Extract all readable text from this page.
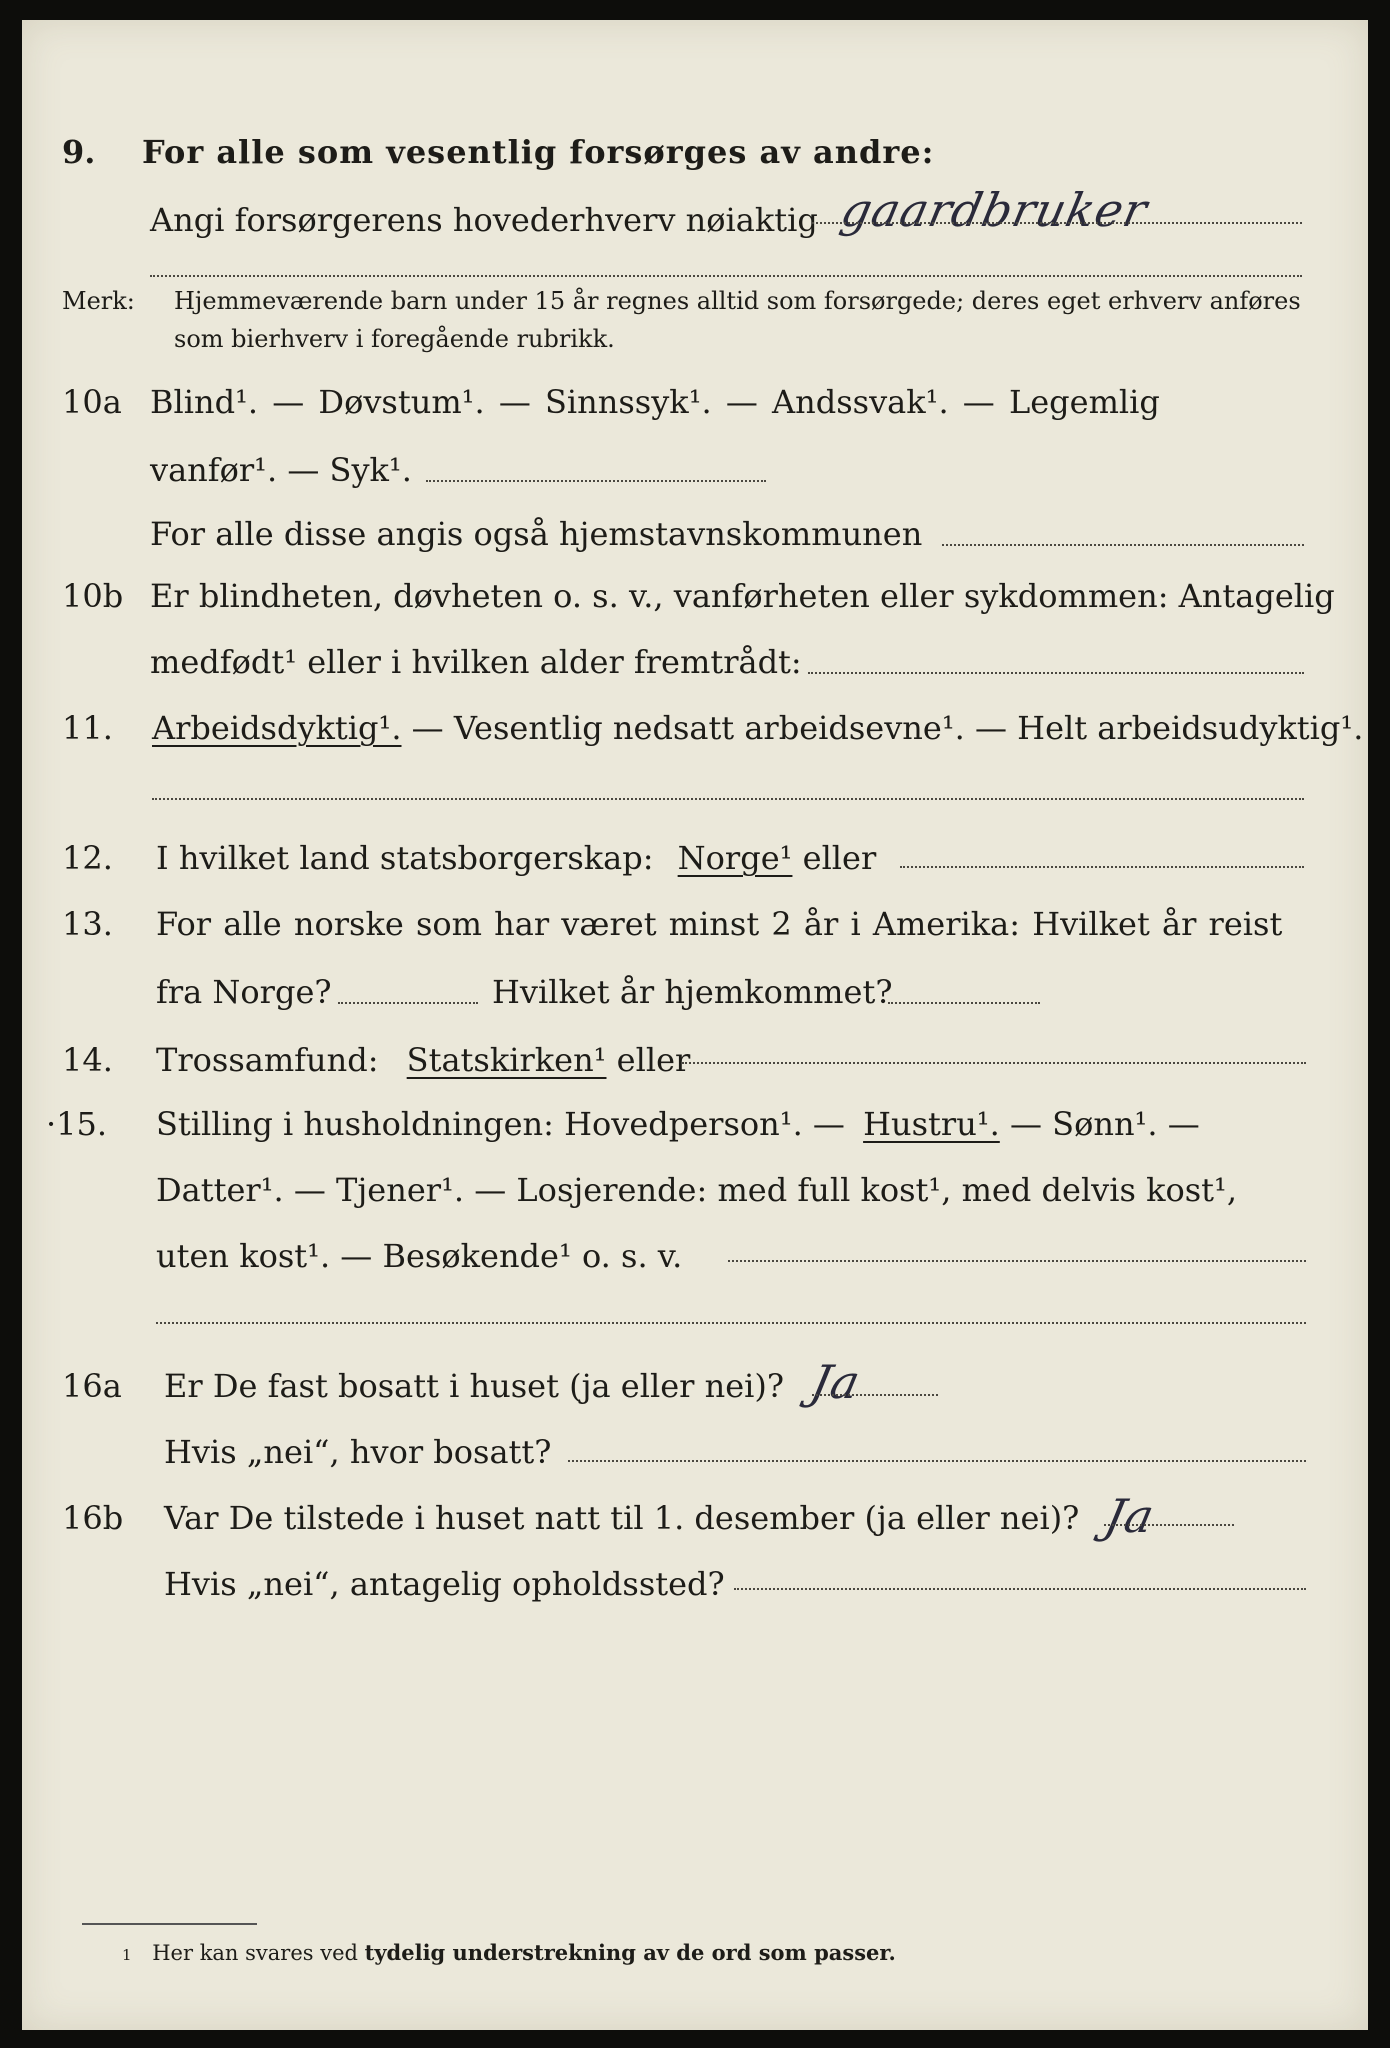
9. For alle som vesentlig forsørges av andre:
Angi forsørgerens hovederhverv nøiaktig gaardbruker
Merk: Hjemmeværende barn under 15 år regnes alltid som forsørgede; deres eget erhverv anføres som bierhverv i foregående rubrikk.
10a Blind¹. — Døvstum¹. — Sinnssyk¹. — Andssvak¹. — Legemlig
vanfør¹. — Syk¹.
For alle disse angis også hjemstavnskommunen
10b Er blindheten, døvheten o. s. v., vanførheten eller sykdommen: Antagelig
medfødt¹ eller i hvilken alder fremtrådt:
11. Arbeidsdyktig¹. — Vesentlig nedsatt arbeidsevne¹. — Helt arbeidsudyktig¹.
12. I hvilket land statsborgerskap: Norge¹ eller
13. For alle norske som har været minst 2 år i Amerika: Hvilket år reist
fra Norge?	Hvilket år hjemkommet?
14. Trossamfund: Statskirken¹ eller
·15. Stilling i husholdningen: Hovedperson¹. — Hustru¹. — Sønn¹. —
Datter¹. — Tjener¹. — Losjerende: med full kost¹, med delvis kost¹,
uten kost¹. — Besøkende¹ o. s. v.
16a Er De fast bosatt i huset (ja eller nei)? Ja
Hvis „nei“, hvor bosatt?
16b Var De tilstede i huset natt til 1. desember (ja eller nei)? Ja
Hvis „nei“, antagelig opholdssted?
1 Her kan svares ved tydelig understrekning av de ord som passer.
